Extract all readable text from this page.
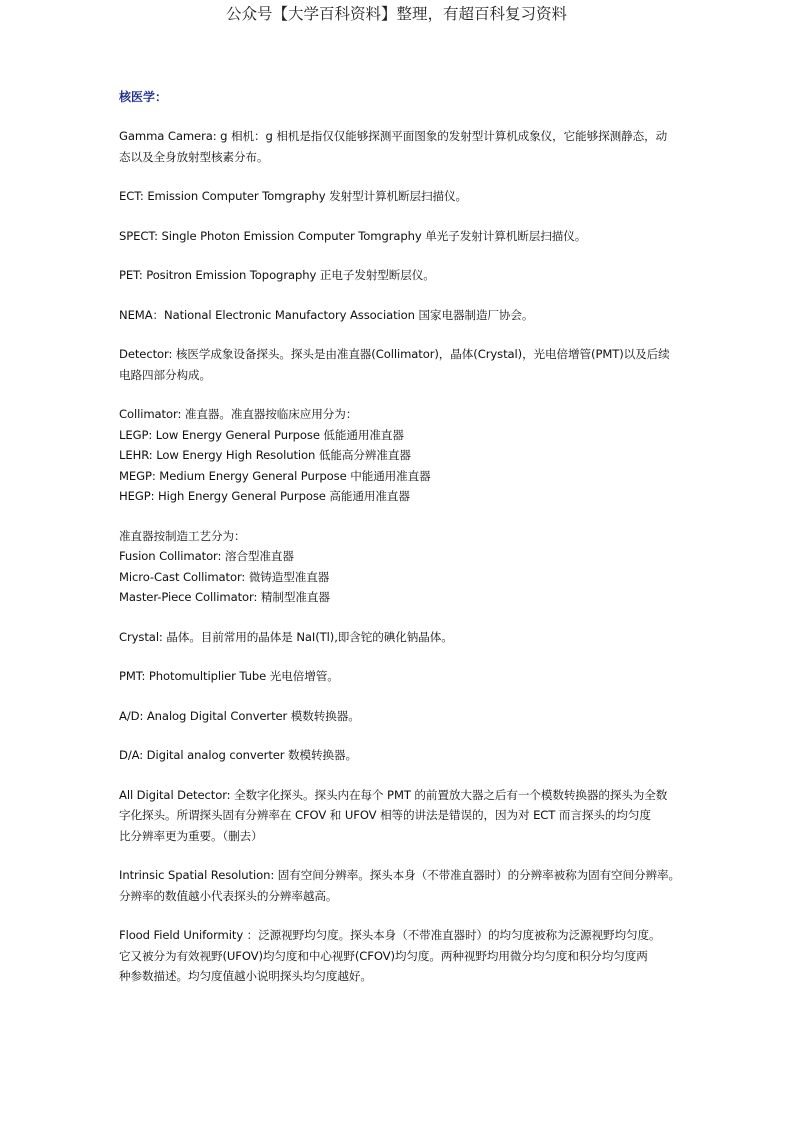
公众号【大学百科资料】整理，有超百科复习资料
核医学：
Gamma Camera: g 相机：g 相机是指仅仅能够探测平面图象的发射型计算机成象仪，它能够探测静态，动
态以及全身放射型核素分布。
ECT: Emission Computer Tomgraphy 发射型计算机断层扫描仪。
SPECT: Single Photon Emission Computer Tomgraphy 单光子发射计算机断层扫描仪。
PET: Positron Emission Topography 正电子发射型断层仪。
NEMA：National Electronic Manufactory Association 国家电器制造厂协会。
Detector: 核医学成象设备探头。探头是由准直器(Collimator)，晶体(Crystal)，光电倍增管(PMT)以及后续
电路四部分构成。
Collimator: 准直器。准直器按临床应用分为：
LEGP: Low Energy General Purpose 低能通用准直器
LEHR: Low Energy High Resolution 低能高分辨准直器
MEGP: Medium Energy General Purpose 中能通用准直器
HEGP: High Energy General Purpose 高能通用准直器
准直器按制造工艺分为：
Fusion Collimator: 溶合型准直器
Micro-Cast Collimator: 微铸造型准直器
Master-Piece Collimator: 精制型准直器
Crystal: 晶体。目前常用的晶体是 NaI(Tl),即含铊的碘化钠晶体。
PMT: Photomultiplier Tube 光电倍增管。
A/D: Analog Digital Converter 模数转换器。
D/A: Digital analog converter 数模转换器。
All Digital Detector: 全数字化探头。探头内在每个 PMT 的前置放大器之后有一个模数转换器的探头为全数
字化探头。所谓探头固有分辨率在 CFOV 和 UFOV 相等的讲法是错误的，因为对 ECT 而言探头的均匀度
比分辨率更为重要。（删去）
Intrinsic Spatial Resolution: 固有空间分辨率。探头本身（不带准直器时）的分辨率被称为固有空间分辨率。
分辨率的数值越小代表探头的分辨率越高。
Flood Field Uniformity ：泛源视野均匀度。探头本身（不带准直器时）的均匀度被称为泛源视野均匀度。
它又被分为有效视野(UFOV)均匀度和中心视野(CFOV)均匀度。两种视野均用微分均匀度和积分均匀度两
种参数描述。均匀度值越小说明探头均匀度越好。
